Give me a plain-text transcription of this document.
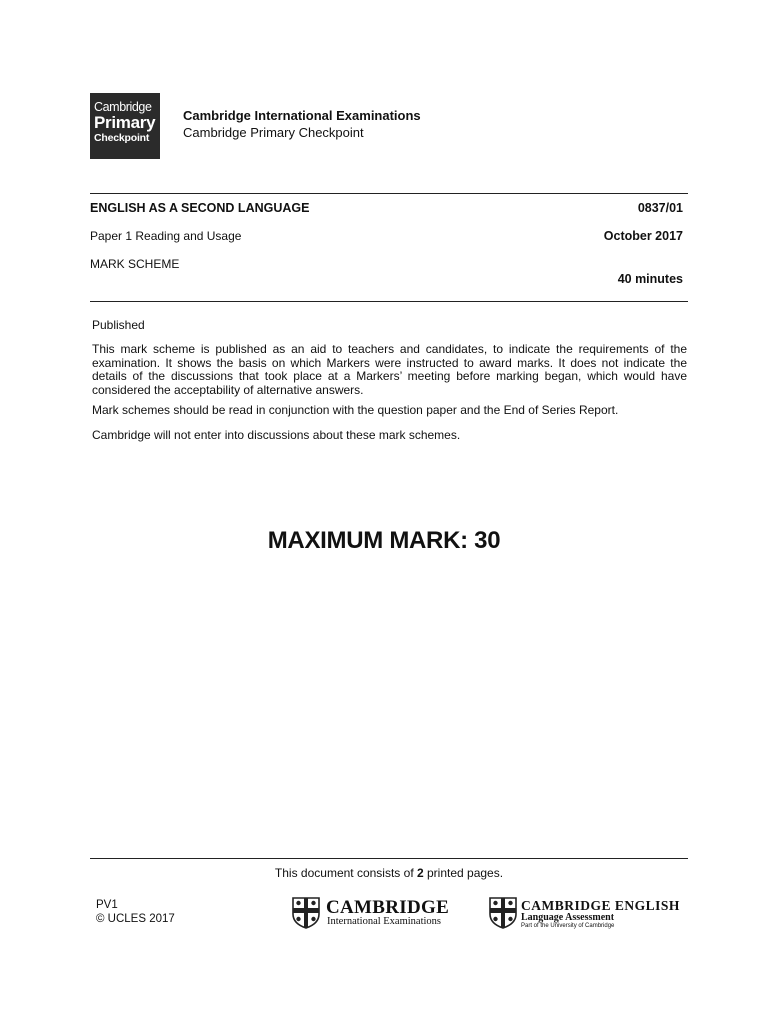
Cambridge
Primary
Checkpoint
Cambridge International Examinations
Cambridge Primary Checkpoint
ENGLISH AS A SECOND LANGUAGE	0837/01
Paper 1 Reading and Usage	October 2017
MARK SCHEME
40 minutes

Published

This mark scheme is published as an aid to teachers and candidates, to indicate the requirements of the examination. It shows the basis on which Markers were instructed to award marks. It does not indicate the details of the discussions that took place at a Markers’ meeting before marking began, which would have considered the acceptability of alternative answers.

Mark schemes should be read in conjunction with the question paper and the End of Series Report.

Cambridge will not enter into discussions about these mark schemes.

MAXIMUM MARK: 30
This document consists of 2 printed pages.
PV1
© UCLES 2017
CAMBRIDGE
International Examinations
CAMBRIDGE ENGLISH
Language Assessment
Part of the University of Cambridge
